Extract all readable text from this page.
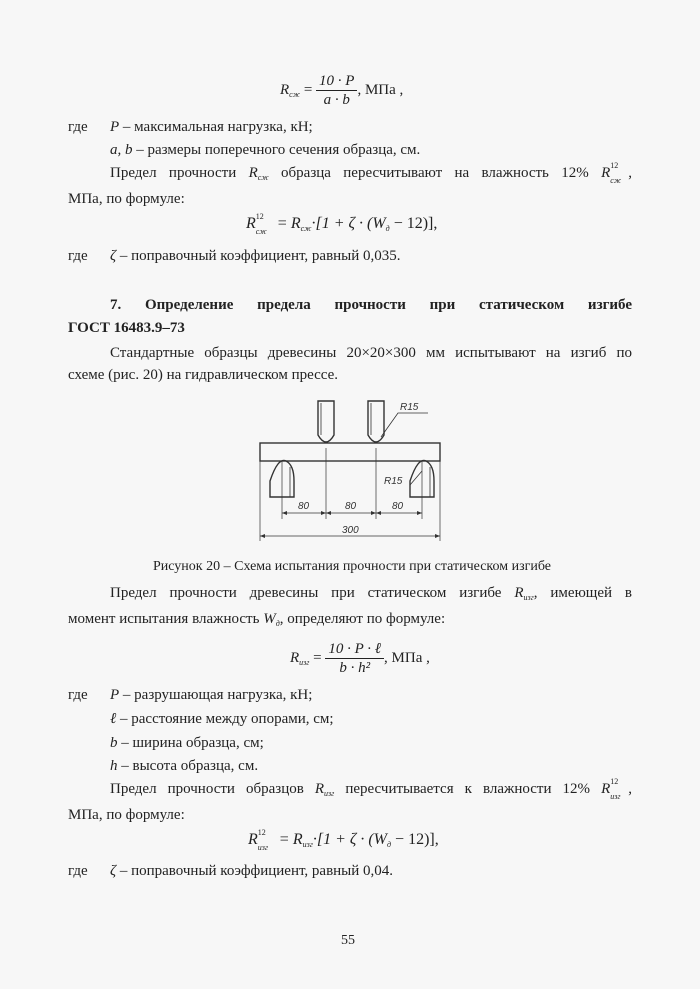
$R_{сж} = \frac{10 \cdot P}{a \cdot b}$ , МПа ,
где P – максимальная нагрузка, кН;
a, b – размеры поперечного сечения образца, см.
Предел прочности $R_{сж}$ образца пересчитывают на влажность 12% R 12
сж ,
МПа, по формуле:
R 12
сж = $R_{сж}\cdot[1 + \zeta \cdot (W_д - 12)]$,
где ζ – поправочный коэффициент, равный 0,035.
7. Определение предела прочности при статическом изгибе
ГОСТ 16483.9–73
Стандартные образцы древесины 20×20×300 мм испытывают на изгиб по
схеме (рис. 20) на гидравлическом прессе.
R15
R15
80	80	80
300
Рисунок 20 – Схема испытания прочности при статическом изгибе
Предел прочности древесины при статическом изгибе $R_{изг}$, имеющей в
момент испытания влажность $W_д$, определяют по формуле:
$R_{изг} = \frac{\text{10 · P · ℓ}}{\text{b · h²}}$ , МПа ,
где P – разрушающая нагрузка, кН;
ℓ – расстояние между опорами, см;
b – ширина образца, см;
h – высота образца, см.
Предел прочности образцов $R_{изг}$ пересчитывается к влажности 12% R 12
изг ,
МПа, по формуле:
R 12
изг = $R_{изг}\cdot[1 + \zeta \cdot (W_д - 12)]$,
где ζ – поправочный коэффициент, равный 0,04.
55
